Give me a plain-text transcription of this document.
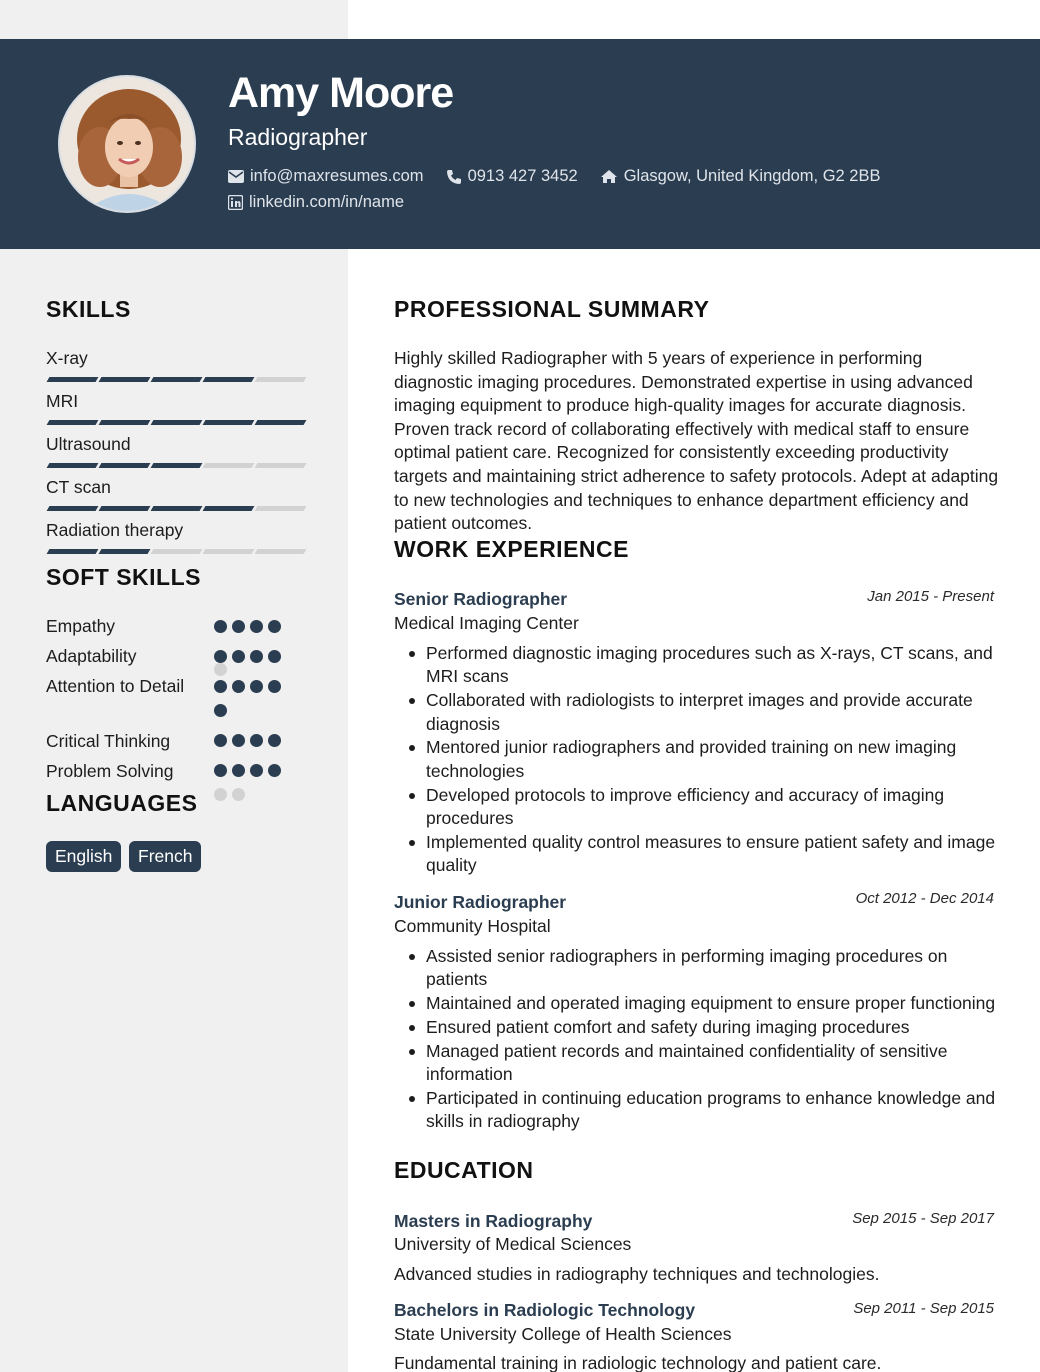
Amy Moore
Radiographer
info@maxresumes.com	0913 427 3452	Glasgow, United Kingdom, G2 2BB
linkedin.com/in/name
SKILLS
X-ray
MRI
Ultrasound
CT scan
Radiation therapy
SOFT SKILLS
Empathy
Adaptability
Attention to Detail
Critical Thinking
Problem Solving
LANGUAGES
English	French
PROFESSIONAL SUMMARY
Highly skilled Radiographer with 5 years of experience in performing diagnostic imaging procedures. Demonstrated expertise in using advanced imaging equipment to produce high-quality images for accurate diagnosis. Proven track record of collaborating effectively with medical staff to ensure optimal patient care. Recognized for consistently exceeding productivity targets and maintaining strict adherence to safety protocols. Adept at adapting to new technologies and techniques to enhance department efficiency and patient outcomes.
WORK EXPERIENCE
Senior Radiographer	Jan 2015 - Present
Medical Imaging Center
Performed diagnostic imaging procedures such as X-rays, CT scans, and MRI scans
Collaborated with radiologists to interpret images and provide accurate diagnosis
Mentored junior radiographers and provided training on new imaging technologies
Developed protocols to improve efficiency and accuracy of imaging procedures
Implemented quality control measures to ensure patient safety and image quality
Junior Radiographer	Oct 2012 - Dec 2014
Community Hospital
Assisted senior radiographers in performing imaging procedures on patients
Maintained and operated imaging equipment to ensure proper functioning
Ensured patient comfort and safety during imaging procedures
Managed patient records and maintained confidentiality of sensitive information
Participated in continuing education programs to enhance knowledge and skills in radiography
EDUCATION
Masters in Radiography	Sep 2015 - Sep 2017
University of Medical Sciences
Advanced studies in radiography techniques and technologies.
Bachelors in Radiologic Technology	Sep 2011 - Sep 2015
State University College of Health Sciences
Fundamental training in radiologic technology and patient care.
